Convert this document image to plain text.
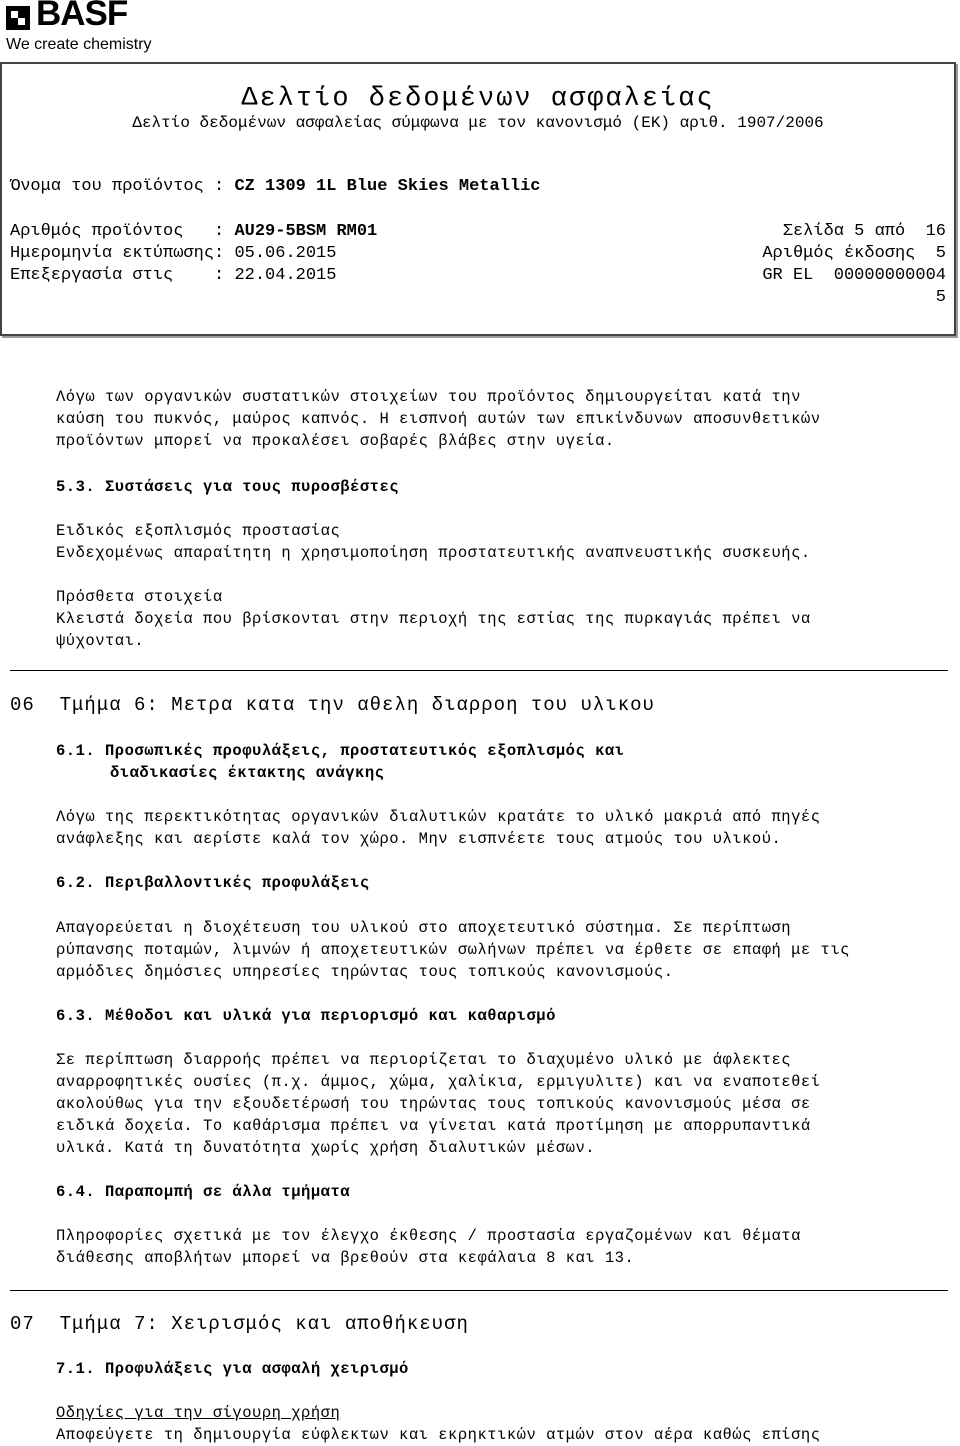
BASF
We create chemistry
Δελτίο δεδομένων ασφαλείας
Δελτίο δεδομένων ασφαλείας σύμφωνα με τον κανονισμό (ΕΚ) αριθ. 1907/2006
Όνομα του προϊόντος : CZ 1309 1L Blue Skies Metallic
Αριθμός προϊόντος   : AU29-5BSM RM01
Ημερομηνία εκτύπωσης: 05.06.2015
Επεξεργασία στις    : 22.04.2015
Σελίδα 5 από  16
Αριθμός έκδοσης  5
GR EL  00000000004
5

Λόγω των οργανικών συστατικών στοιχείων του προϊόντος δημιουργείται κατά την

καύση του πυκνός, μαύρος καπνός. Η εισπνοή αυτών των επικίνδυνων αποσυνθετικών

προϊόντων μπορεί να προκαλέσει σοβαρές βλάβες στην υγεία.

5.3. Συστάσεις για τους πυροσβέστες

Ειδικός εξοπλισμός προστασίας

Ενδεχομένως απαραίτητη η χρησιμοποίηση προστατευτικής αναπνευστικής συσκευής.

Πρόσθετα στοιχεία

Κλειστά δοχεία που βρίσκονται στην περιοχή της εστίας της πυρκαγιάς πρέπει να

ψύχονται.

06  Τμήμα 6: Μετρα κατα την αθελη διαρροη του υλικου

6.1. Προσωπικές προφυλάξεις, προστατευτικός εξοπλισμός και

διαδικασίες έκτακτης ανάγκης

Λόγω της περεκτικότητας οργανικών διαλυτικών κρατάτε το υλικό μακριά από πηγές

ανάφλεξης και αερίστε καλά τον χώρο. Μην εισπνέετε τους ατμούς του υλικού.

6.2. Περιβαλλοντικές προφυλάξεις

Απαγορεύεται η διοχέτευση του υλικού στο αποχετευτικό σύστημα. Σε περίπτωση

ρύπανσης ποταμών, λιμνών ή αποχετευτικών σωλήνων πρέπει να έρθετε σε επαφή με τις

αρμόδιες δημόσιες υπηρεσίες τηρώντας τους τοπικούς κανονισμούς.

6.3. Μέθοδοι και υλικά για περιορισμό και καθαρισμό

Σε περίπτωση διαρροής πρέπει να περιορίζεται το διαχυμένο υλικό με άφλεκτες

αναρροφητικές ουσίες (π.χ. άμμος, χώμα, χαλίκια, ερμιγυλιτε) και να εναποτεθεί

ακολούθως για την εξουδετέρωσή του τηρώντας τους τοπικούς κανονισμούς μέσα σε

ειδικά δοχεία. Το καθάρισμα πρέπει να γίνεται κατά προτίμηση με απορρυπαντικά

υλικά. Κατά τη δυνατότητα χωρίς χρήση διαλυτικών μέσων.

6.4. Παραπομπή σε άλλα τμήματα

Πληροφορίες σχετικά με τον έλεγχο έκθεσης / προστασία εργαζομένων και θέματα

διάθεσης αποβλήτων μπορεί να βρεθούν στα κεφάλαια 8 και 13.

07  Τμήμα 7: Χειρισμός και αποθήκευση
7.1. Προφυλάξεις για ασφαλή χειρισμό

Οδηγίες για την σίγουρη χρήση

Αποφεύγετε τη δημιουργία εύφλεκτων και εκρηκτικών ατμών στον αέρα καθώς επίσης
